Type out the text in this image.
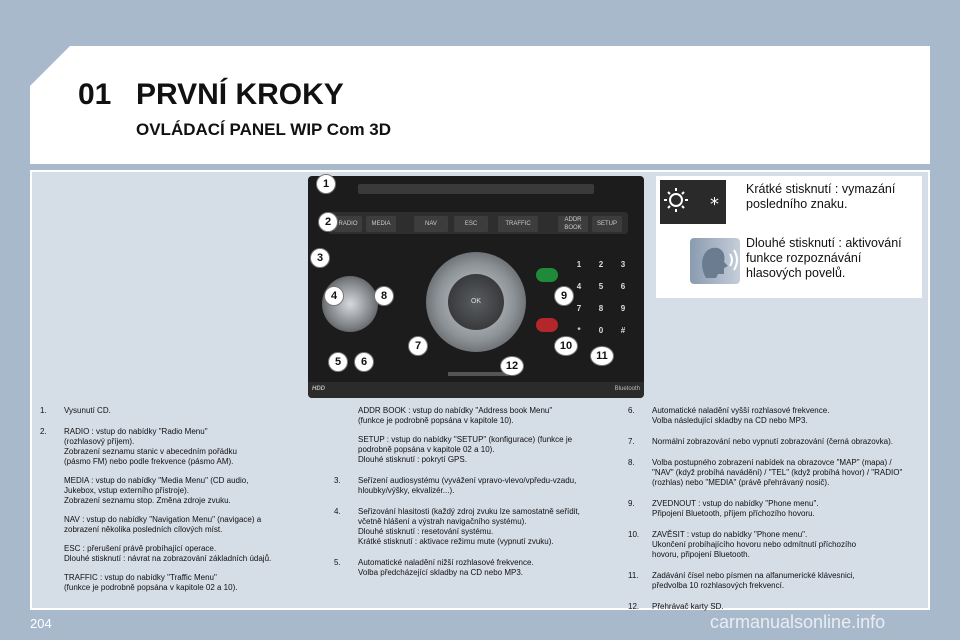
01 PRVNÍ KROKY
OVLÁDACÍ PANEL WIP Com 3D
RADIO	MEDIA	NAV	ESC	TRAFFIC
ADDR BOOK
SETUP
OK
1	2	3
4	5	6
7	8	9
*	0	#
HDD	Bluetooth
1
2
3
4
5	6
7
8	9
10
11
12
*
Krátké stisknutí : vymazání posledního znaku.
Dlouhé stisknutí : aktivování funkce rozpoznávání hlasových povelů.
1. Vysunutí CD.

2. RADIO : vstup do nabídky "Radio Menu"
(rozhlasový příjem).
Zobrazení seznamu stanic v abecedním pořádku
(pásmo FM) nebo podle frekvence (pásmo AM).

MEDIA : vstup do nabídky "Media Menu" (CD audio,
Jukebox, vstup externího přístroje).
Zobrazení seznamu stop. Změna zdroje zvuku.

NAV : vstup do nabídky "Navigation Menu" (navigace) a
zobrazení několika posledních cílových míst.

ESC : přerušení právě probíhající operace.
Dlouhé stisknutí : návrat na zobrazování základních údajů.

TRAFFIC : vstup do nabídky "Traffic Menu"
(funkce je podrobně popsána v kapitole 02 a 10).

ADDR BOOK : vstup do nabídky "Address book Menu"
(funkce je podrobně popsána v kapitole 10).

SETUP : vstup do nabídky "SETUP" (konfigurace) (funkce je
podrobně popsána v kapitole 02 a 10).
Dlouhé stisknutí : pokrytí GPS.

3. Seřízení audiosystému (vyvážení vpravo-vlevo/vpředu-vzadu,
hloubky/výšky, ekvalizér...).

4. Seřizování hlasitosti (každý zdroj zvuku lze samostatně seřídit,
včetně hlášení a výstrah navigačního systému).
Dlouhé stisknutí : resetování systému.
Krátké stisknutí : aktivace režimu mute (vypnutí zvuku).

5. Automatické naladění nižší rozhlasové frekvence.
Volba předcházející skladby na CD nebo MP3.

6. Automatické naladění vyšší rozhlasové frekvence.
Volba následující skladby na CD nebo MP3.

7. Normální zobrazování nebo vypnutí zobrazování (černá obrazovka).

8. Volba postupného zobrazení nabídek na obrazovce "MAP" (mapa) /
"NAV" (když probíhá navádění) / "TEL" (když probíhá hovor) / "RADIO"
(rozhlas) nebo "MEDIA" (právě přehrávaný nosič).

9. ZVEDNOUT : vstup do nabídky "Phone menu".
Připojení Bluetooth, příjem příchozího hovoru.

10. ZAVĚSIT : vstup do nabídky "Phone menu".
Ukončení probíhajícího hovoru nebo odmítnutí příchozího
hovoru, připojení Bluetooth.

11. Zadávání čísel nebo písmen na alfanumerické klávesnici,
předvolba 10 rozhlasových frekvencí.

12. Přehrávač karty SD.

204	carmanualsonline.info
